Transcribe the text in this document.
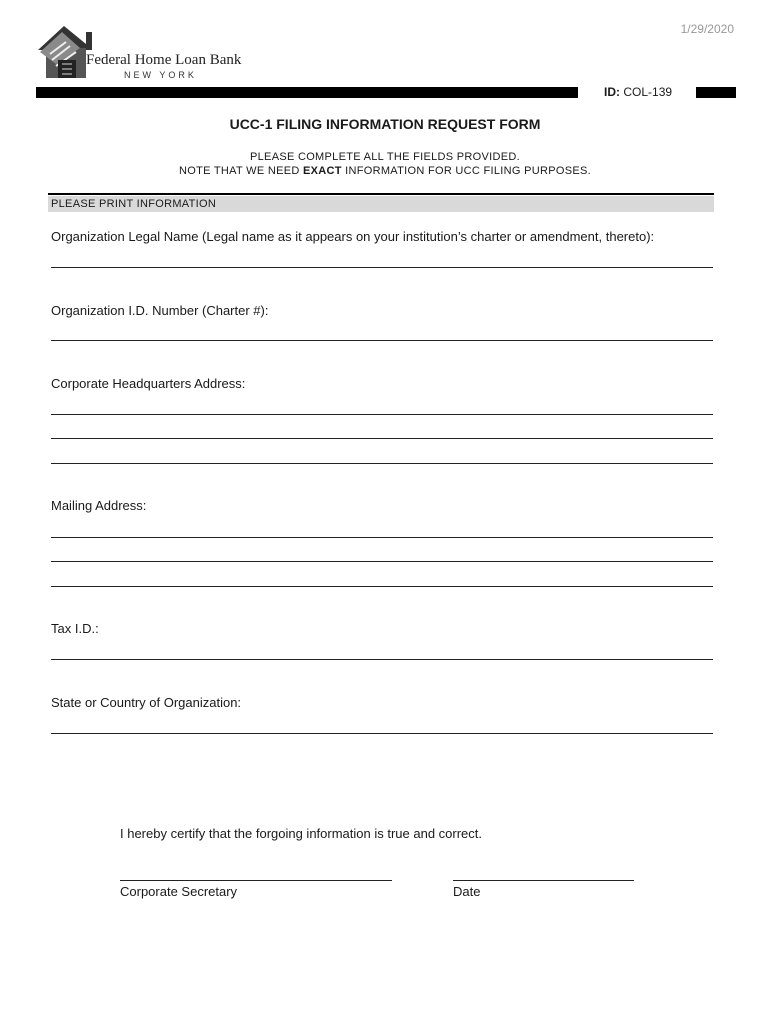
1/29/2020
Federal Home Loan Bank
NEW YORK
ID: COL-139
UCC-1 FILING INFORMATION REQUEST FORM
PLEASE COMPLETE ALL THE FIELDS PROVIDED.
NOTE THAT WE NEED EXACT INFORMATION FOR UCC FILING PURPOSES.
PLEASE PRINT INFORMATION
Organization Legal Name (Legal name as it appears on your institution’s charter or amendment, thereto):
Organization I.D. Number (Charter #):
Corporate Headquarters Address:
Mailing Address:
Tax I.D.:
State or Country of Organization:
I hereby certify that the forgoing information is true and correct.
Corporate Secretary	Date
